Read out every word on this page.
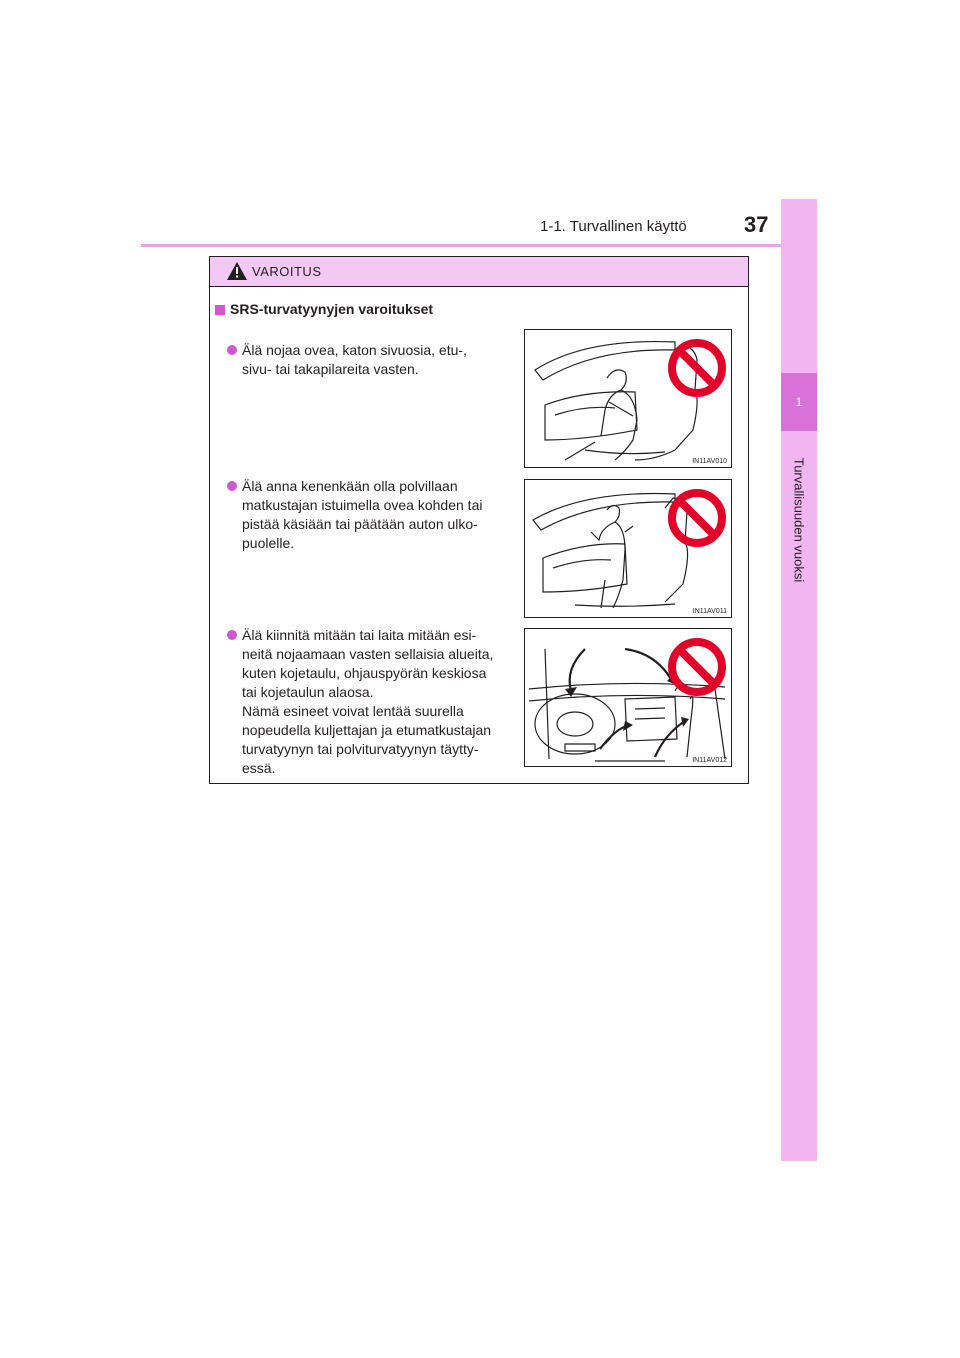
1-1. Turvallinen käyttö	37
1
Turvallisuuden vuoksi
VAROITUS
SRS-turvatyynyjen varoitukset
Älä nojaa ovea, katon sivuosia, etu-,
sivu- tai takapilareita vasten.
IN11AV010
Älä anna kenenkään olla polvillaan
matkustajan istuimella ovea kohden tai
pistää käsiään tai päätään auton ulko-
puolelle.
IN11AV011
Älä kiinnitä mitään tai laita mitään esi-
neitä nojaamaan vasten sellaisia alueita,
kuten kojetaulu, ohjauspyörän keskiosa
tai kojetaulun alaosa.
Nämä esineet voivat lentää suurella
nopeudella kuljettajan ja etumatkustajan
turvatyynyn tai polviturvatyynyn täytty-
essä.	IN11AV012
